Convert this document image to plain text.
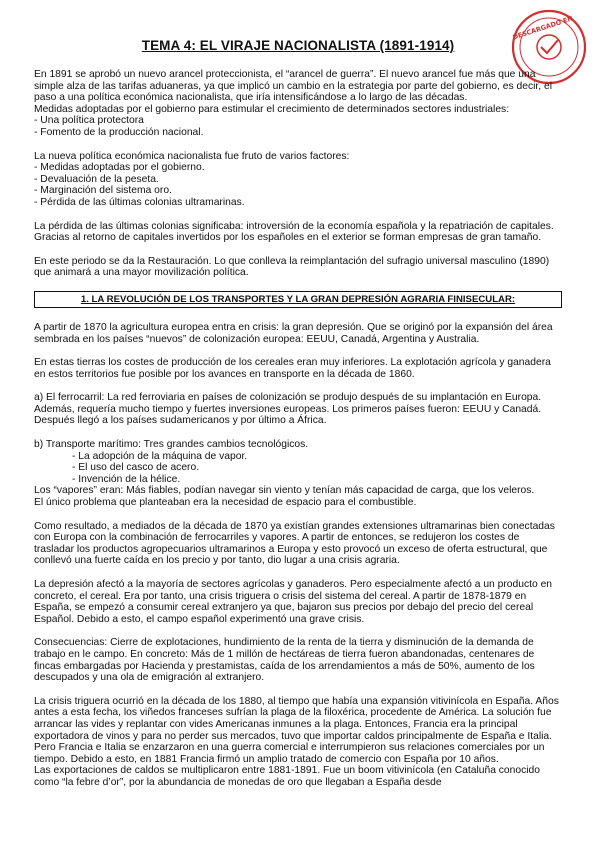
DESCARGADO EN
TEMA 4: EL VIRAJE NACIONALISTA (1891-1914)
En 1891 se aprobó un nuevo arancel proteccionista, el “arancel de guerra”. El nuevo arancel fue más que una simple alza de las tarifas aduaneras, ya que implicó un cambio en la estrategia por parte del gobierno, es decir, el paso a una política económica nacionalista, que iría intensificándose a lo largo de las décadas.
Medidas adoptadas por el gobierno para estimular el crecimiento de determinados sectores industriales:
- Una política protectora
- Fomento de la producción nacional.
La nueva política económica nacionalista fue fruto de varios factores:
- Medidas adoptadas por el gobierno.
- Devaluación de la peseta.
- Marginación del sistema oro.
- Pérdida de las últimas colonias ultramarinas.
La pérdida de las últimas colonias significaba: introversión de la economía española y la repatriación de capitales.
Gracias al retorno de capitales invertidos por los españoles en el exterior se forman empresas de gran tamaño.

En este periodo se da la Restauración. Lo que conlleva la reimplantación del sufragio universal masculino (1890) que animará a una mayor movilización política.

1. LA REVOLUCIÓN DE LOS TRANSPORTES Y LA GRAN DEPRESIÓN AGRARIA FINISECULAR:

A partir de 1870 la agricultura europea entra en crisis: la gran depresión. Que se originó por la expansión del área sembrada en los países “nuevos” de colonización europea: EEUU, Canadá, Argentina y Australia.

En estas tierras los costes de producción de los cereales eran muy inferiores. La explotación agrícola y ganadera en estos territorios fue posible por los avances en transporte en la década de 1860.

a) El ferrocarril: La red ferroviaria en países de colonización se produjo después de su implantación en Europa. Además, requería mucho tiempo y fuertes inversiones europeas. Los primeros países fueron: EEUU y Canadá. Después llegó a los países sudamericanos y por último a África.

b) Transporte marítimo: Tres grandes cambios tecnológicos.
- La adopción de la máquina de vapor.
- El uso del casco de acero.
- Invención de la hélice.
Los “vapores” eran: Más fiables, podían navegar sin viento y tenían más capacidad de carga, que los veleros.
El único problema que planteaban era la necesidad de espacio para el combustible.

Como resultado, a mediados de la década de 1870 ya existían grandes extensiones ultramarinas bien conectadas con Europa con la combinación de ferrocarriles y vapores. A partir de entonces, se redujeron los costes de trasladar los productos agropecuarios ultramarinos a Europa y esto provocó un exceso de oferta estructural, que conllevó una fuerte caída en los precio y por tanto, dio lugar a una crisis agraria.

La depresión afectó a la mayoría de sectores agrícolas y ganaderos. Pero especialmente afectó a un producto en concreto, el cereal. Era por tanto, una crisis triguera o crisis del sistema del cereal. A partir de 1878-1879 en España, se empezó a consumir cereal extranjero ya que, bajaron sus precios por debajo del precio del cereal Español. Debido a esto, el campo español experimentó una grave crisis.

Consecuencias: Cierre de explotaciones, hundimiento de la renta de la tierra y disminución de la demanda de trabajo en le campo. En concreto: Más de 1 millón de hectáreas de tierra fueron abandonadas, centenares de fincas embargadas por Hacienda y prestamistas, caída de los arrendamientos a más de 50%, aumento de los descupados y una ola de emigración al extranjero.

La crisis triguera ocurrió en la década de los 1880, al tiempo que había una expansión vitivinícola en España. Años antes a esta fecha, los viñedos franceses sufrían la plaga de la filoxérica, procedente de América. La solución fue arrancar las vides y replantar con vides Americanas inmunes a la plaga. Entonces, Francia era la principal exportadora de vinos y para no perder sus mercados, tuvo que importar caldos principalmente de España e Italia. Pero Francia e Italia se enzarzaron en una guerra comercial e interrumpieron sus relaciones comerciales por un tiempo. Debido a esto, en 1881 Francia firmó un amplio tratado de comercio con España por 10 años.
Las exportaciones de caldos se multiplicaron entre 1881-1891. Fue un boom vitivinícola (en Cataluña conocido como “la febre d’or”, por la abundancia de monedas de oro que llegaban a España desde
